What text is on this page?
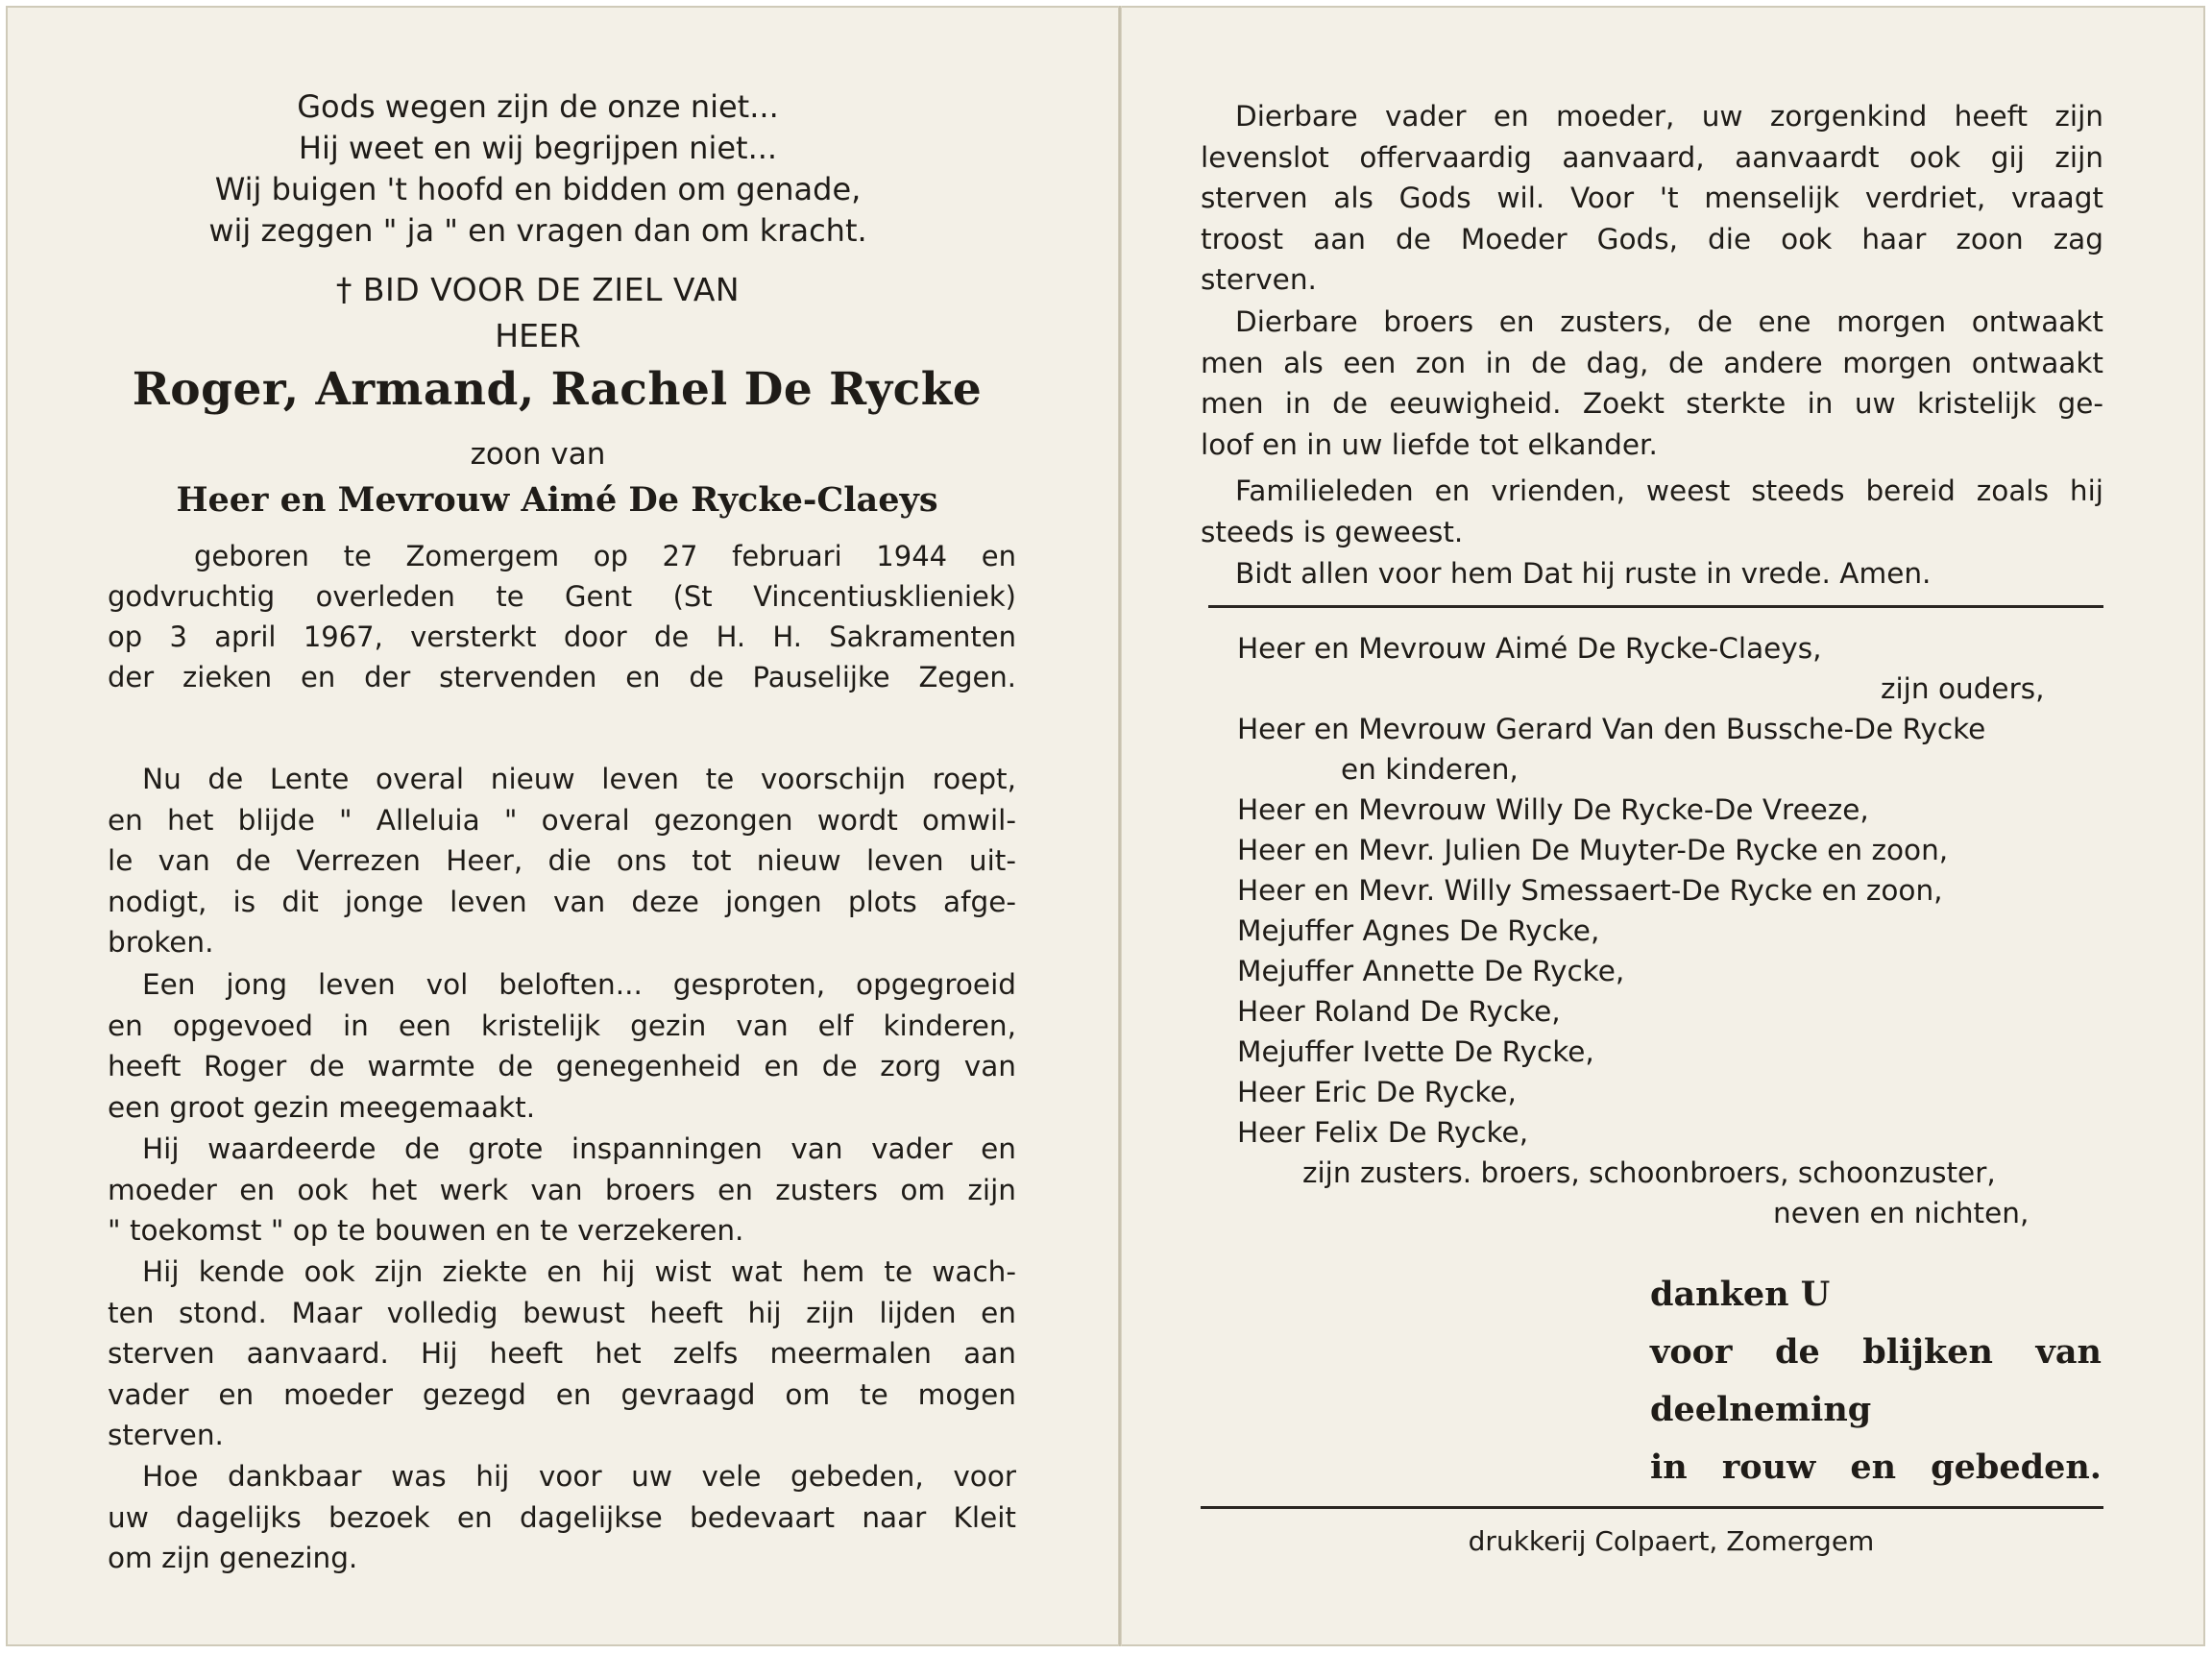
Gods wegen zijn de onze niet...
Hij weet en wij begrijpen niet...
Wij buigen 't hoofd en bidden om genade,
wij zeggen " ja " en vragen dan om kracht.
† BID VOOR DE ZIEL VAN
HEER
Roger, Armand, Rachel De Rycke
zoon van
Heer en Mevrouw Aimé De Rycke-Claeys
geboren te Zomergem op 27 februari 1944 en
godvruchtig overleden te Gent (St Vincentiusklieniek)
op 3 april 1967, versterkt door de H. H. Sakramenten
der zieken en der stervenden en de Pauselijke Zegen.
Nu de Lente overal nieuw leven te voorschijn roept,
en het blijde " Alleluia " overal gezongen wordt omwil-
le van de Verrezen Heer, die ons tot nieuw leven uit-
nodigt, is dit jonge leven van deze jongen plots afge-
broken.
Een jong leven vol beloften... gesproten, opgegroeid
en opgevoed in een kristelijk gezin van elf kinderen,
heeft Roger de warmte de genegenheid en de zorg van
een groot gezin meegemaakt.
Hij waardeerde de grote inspanningen van vader en
moeder en ook het werk van broers en zusters om zijn
" toekomst " op te bouwen en te verzekeren.
Hij kende ook zijn ziekte en hij wist wat hem te wach-
ten stond. Maar volledig bewust heeft hij zijn lijden en
sterven aanvaard. Hij heeft het zelfs meermalen aan
vader en moeder gezegd en gevraagd om te mogen
sterven.
Hoe dankbaar was hij voor uw vele gebeden, voor
uw dagelijks bezoek en dagelijkse bedevaart naar Kleit
om zijn genezing.
Dierbare vader en moeder, uw zorgenkind heeft zijn
levenslot offervaardig aanvaard, aanvaardt ook gij zijn
sterven als Gods wil. Voor 't menselijk verdriet, vraagt
troost aan de Moeder Gods, die ook haar zoon zag
sterven.
Dierbare broers en zusters, de ene morgen ontwaakt
men als een zon in de dag, de andere morgen ontwaakt
men in de eeuwigheid. Zoekt sterkte in uw kristelijk ge-
loof en in uw liefde tot elkander.
Familieleden en vrienden, weest steeds bereid zoals hij
steeds is geweest.
Bidt allen voor hem Dat hij ruste in vrede. Amen.
Heer en Mevrouw Aimé De Rycke-Claeys,
zijn ouders,
Heer en Mevrouw Gerard Van den Bussche-De Rycke
en kinderen,
Heer en Mevrouw Willy De Rycke-De Vreeze,
Heer en Mevr. Julien De Muyter-De Rycke en zoon,
Heer en Mevr. Willy Smessaert-De Rycke en zoon,
Mejuffer Agnes De Rycke,
Mejuffer Annette De Rycke,
Heer Roland De Rycke,
Mejuffer Ivette De Rycke,
Heer Eric De Rycke,
Heer Felix De Rycke,
zijn zusters. broers, schoonbroers, schoonzuster,
neven en nichten,
danken U
voor de blijken van
deelneming
in rouw en gebeden.
drukkerij Colpaert, Zomergem
